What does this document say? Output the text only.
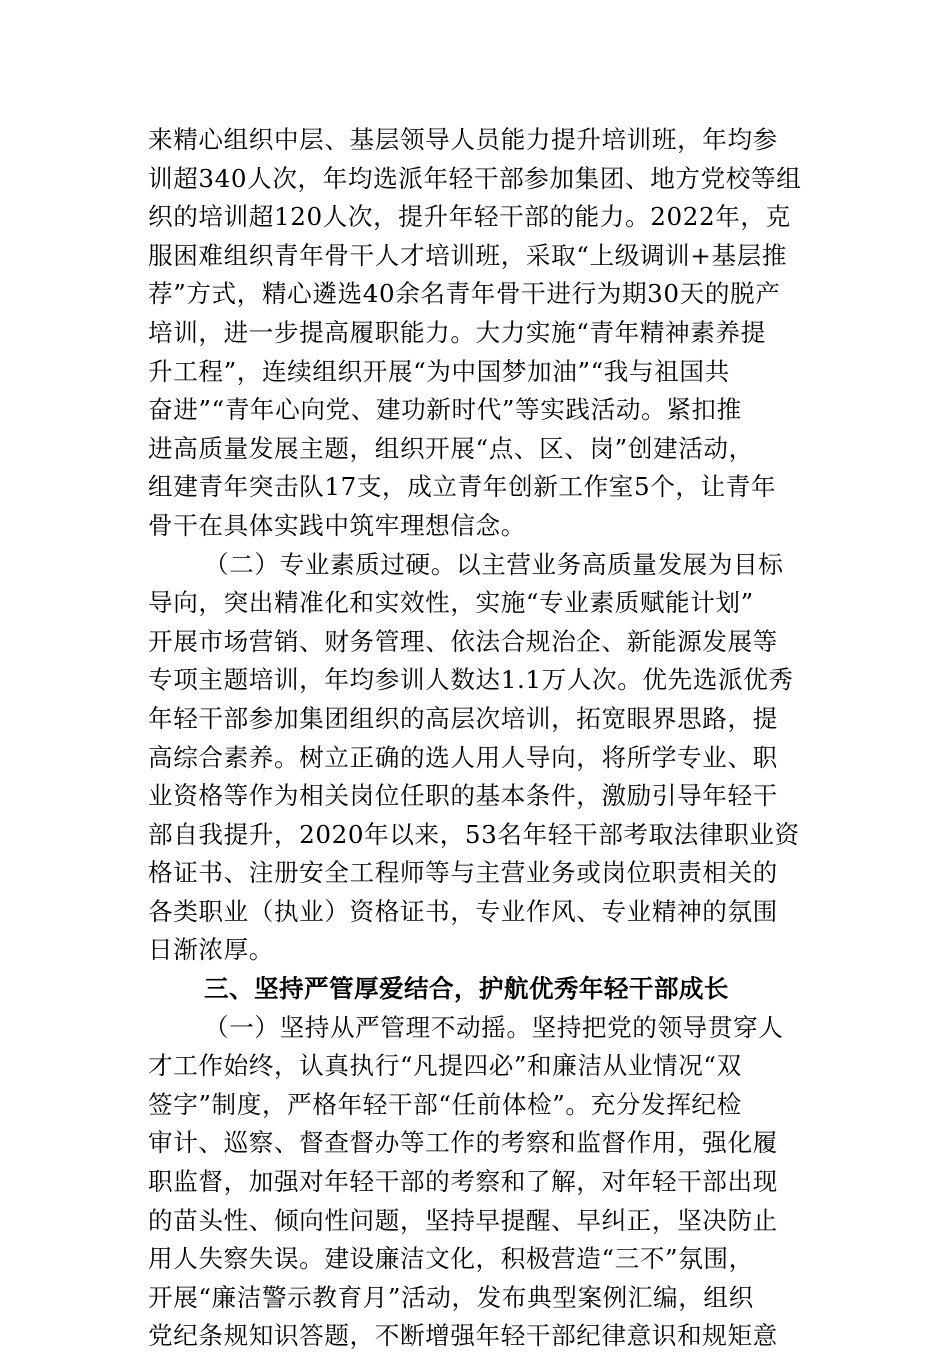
来精心组织中层、基层领导人员能力提升培训班，年均参
训超340人次，年均选派年轻干部参加集团、地方党校等组
织的培训超120人次，提升年轻干部的能力。2022年，克
服困难组织青年骨干人才培训班，采取“上级调训+基层推
荐”方式，精心遴选40余名青年骨干进行为期30天的脱产
培训，进一步提高履职能力。大力实施“青年精神素养提
升工程”，连续组织开展“为中国梦加油”“我与祖国共
奋进”“青年心向党、建功新时代”等实践活动。紧扣推
进高质量发展主题，组织开展“点、区、岗”创建活动，
组建青年突击队17支，成立青年创新工作室5个，让青年
骨干在具体实践中筑牢理想信念。
（二）专业素质过硬。以主营业务高质量发展为目标
导向，突出精准化和实效性，实施“专业素质赋能计划”
开展市场营销、财务管理、依法合规治企、新能源发展等
专项主题培训，年均参训人数达1.1万人次。优先选派优秀
年轻干部参加集团组织的高层次培训，拓宽眼界思路，提
高综合素养。树立正确的选人用人导向，将所学专业、职
业资格等作为相关岗位任职的基本条件，激励引导年轻干
部自我提升，2020年以来，53名年轻干部考取法律职业资
格证书、注册安全工程师等与主营业务或岗位职责相关的
各类职业（执业）资格证书，专业作风、专业精神的氛围
日渐浓厚。
三、坚持严管厚爱结合，护航优秀年轻干部成长
（一）坚持从严管理不动摇。坚持把党的领导贯穿人
才工作始终，认真执行“凡提四必”和廉洁从业情况“双
签字”制度，严格年轻干部“任前体检”。充分发挥纪检
审计、巡察、督查督办等工作的考察和监督作用，强化履
职监督，加强对年轻干部的考察和了解，对年轻干部出现
的苗头性、倾向性问题，坚持早提醒、早纠正，坚决防止
用人失察失误。建设廉洁文化，积极营造“三不”氛围，
开展“廉洁警示教育月”活动，发布典型案例汇编，组织
党纪条规知识答题，不断增强年轻干部纪律意识和规矩意
